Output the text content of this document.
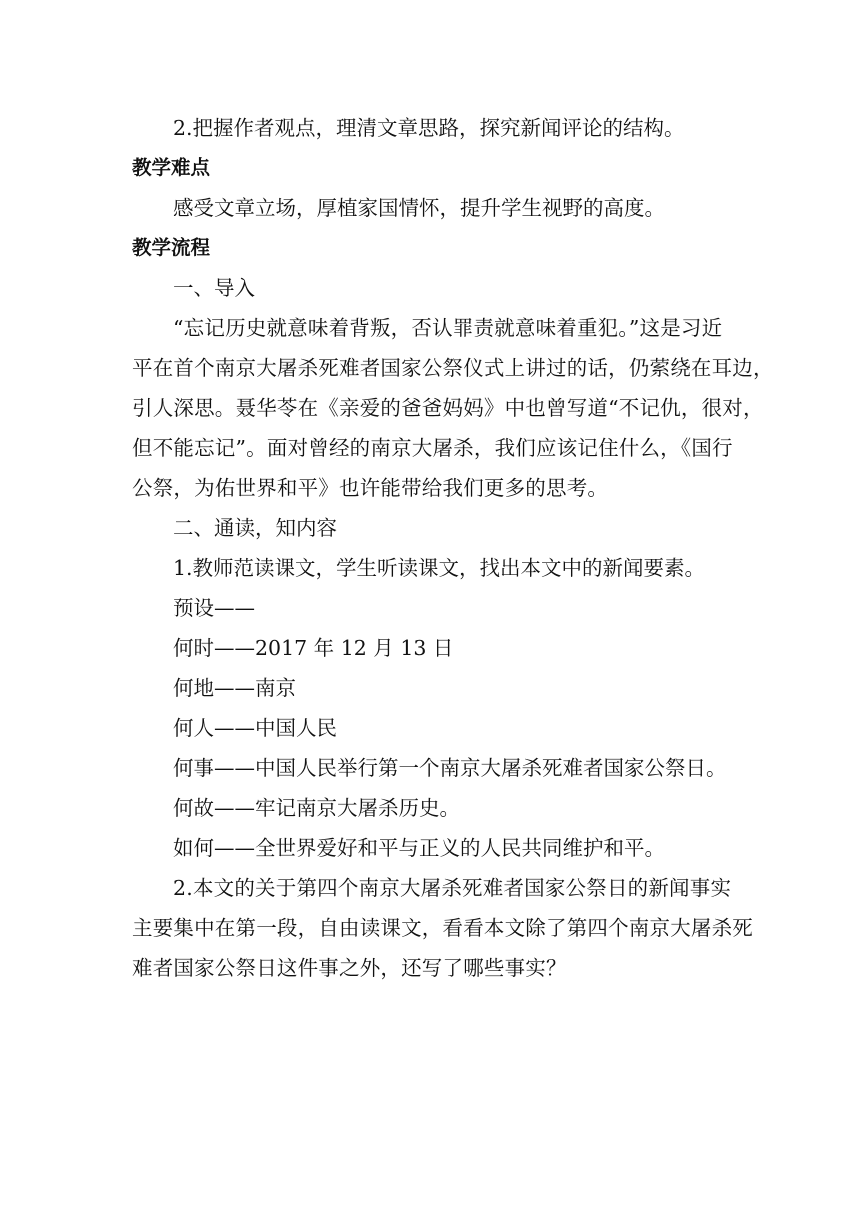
2.把握作者观点，理清文章思路，探究新闻评论的结构。

教学难点

感受文章立场，厚植家国情怀，提升学生视野的高度。

教学流程

一、导入

“忘记历史就意味着背叛，否认罪责就意味着重犯。”这是习近

平在首个南京大屠杀死难者国家公祭仪式上讲过的话，仍萦绕在耳边，

引人深思。聂华苓在《亲爱的爸爸妈妈》中也曾写道“不记仇，很对，

但不能忘记”。面对曾经的南京大屠杀，我们应该记住什么，《国行

公祭，为佑世界和平》也许能带给我们更多的思考。

二、通读，知内容

1.教师范读课文，学生听读课文，找出本文中的新闻要素。

预设——

何时——2017 年 12 月 13 日

何地——南京

何人——中国人民

何事——中国人民举行第一个南京大屠杀死难者国家公祭日。

何故——牢记南京大屠杀历史。

如何——全世界爱好和平与正义的人民共同维护和平。

2.本文的关于第四个南京大屠杀死难者国家公祭日的新闻事实

主要集中在第一段，自由读课文，看看本文除了第四个南京大屠杀死

难者国家公祭日这件事之外，还写了哪些事实？
